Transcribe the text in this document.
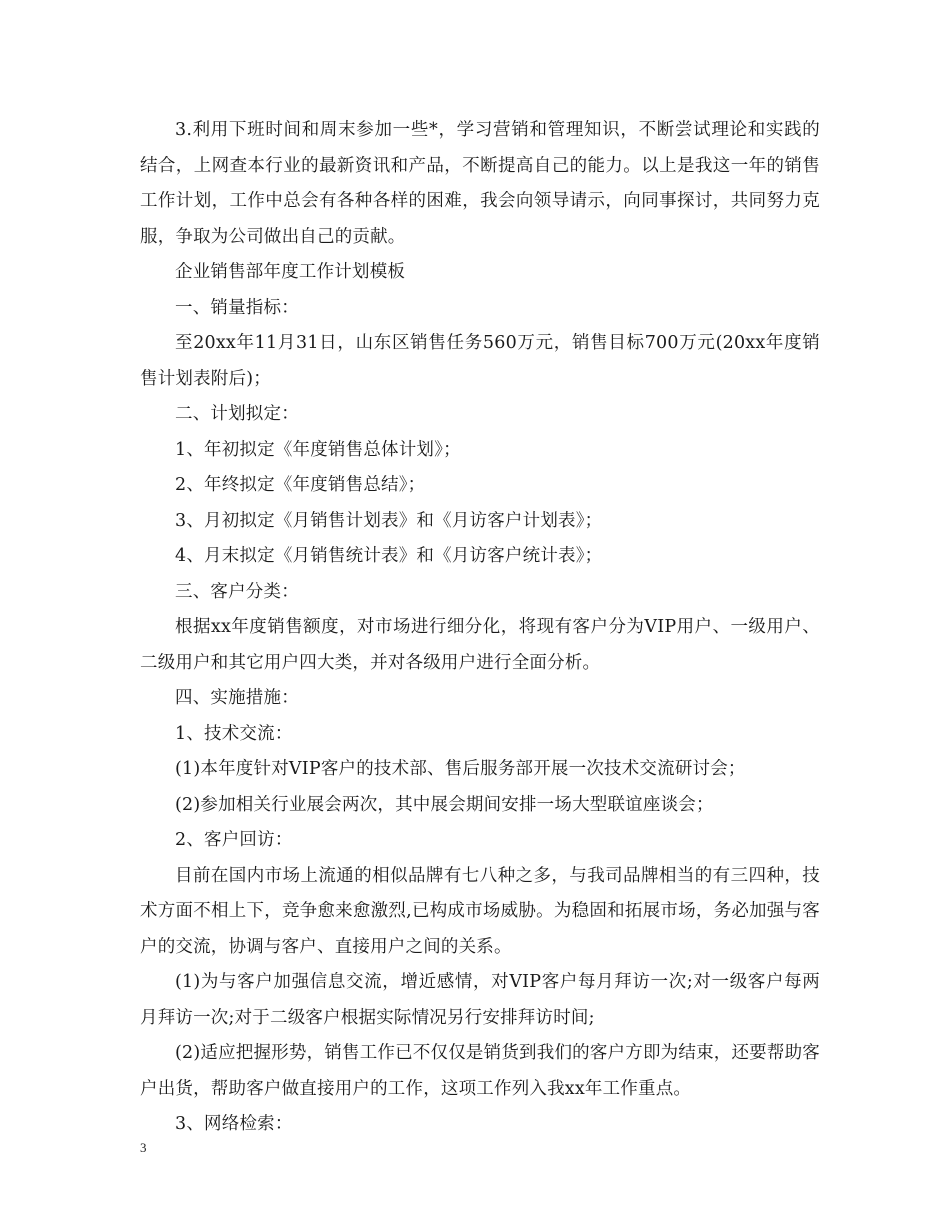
3.利用下班时间和周末参加一些*，学习营销和管理知识，不断尝试理论和实践的结合，上网查本行业的最新资讯和产品，不断提高自己的能力。以上是我这一年的销售工作计划，工作中总会有各种各样的困难，我会向领导请示，向同事探讨，共同努力克服，争取为公司做出自己的贡献。

企业销售部年度工作计划模板

一、销量指标：

至20xx年11月31日，山东区销售任务560万元，销售目标700万元(20xx年度销售计划表附后)；

二、计划拟定：

1、年初拟定《年度销售总体计划》；

2、年终拟定《年度销售总结》；

3、月初拟定《月销售计划表》和《月访客户计划表》；

4、月末拟定《月销售统计表》和《月访客户统计表》；

三、客户分类：

根据xx年度销售额度，对市场进行细分化，将现有客户分为VIP用户、一级用户、二级用户和其它用户四大类，并对各级用户进行全面分析。

四、实施措施：

1、技术交流：

(1)本年度针对VIP客户的技术部、售后服务部开展一次技术交流研讨会；

(2)参加相关行业展会两次，其中展会期间安排一场大型联谊座谈会；

2、客户回访：

目前在国内市场上流通的相似品牌有七八种之多，与我司品牌相当的有三四种，技术方面不相上下，竞争愈来愈激烈,已构成市场威胁。为稳固和拓展市场，务必加强与客户的交流，协调与客户、直接用户之间的关系。

(1)为与客户加强信息交流，增近感情，对VIP客户每月拜访一次;对一级客户每两月拜访一次;对于二级客户根据实际情况另行安排拜访时间;

(2)适应把握形势，销售工作已不仅仅是销货到我们的客户方即为结束，还要帮助客户出货，帮助客户做直接用户的工作，这项工作列入我xx年工作重点。

3、网络检索：

3
